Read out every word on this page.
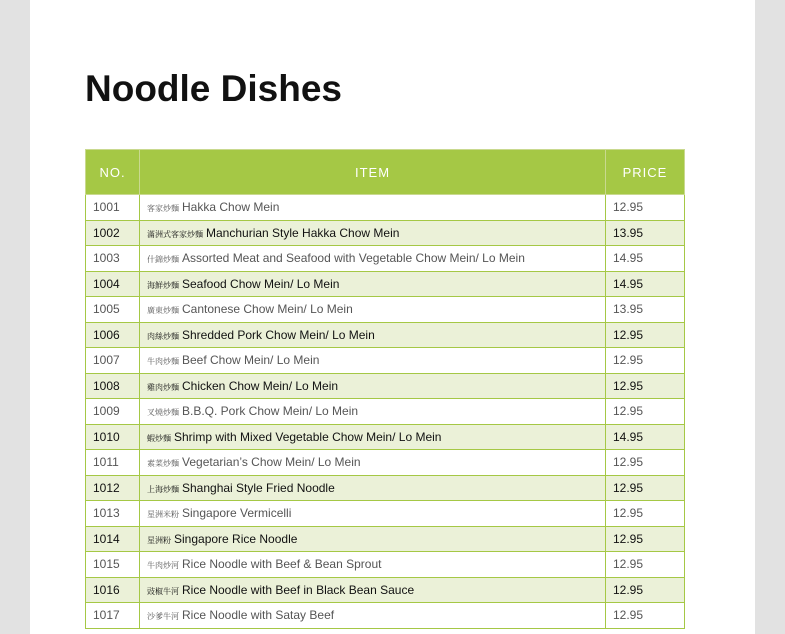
Noodle Dishes
NO.	ITEM	PRICE
1001	客家炒麵 Hakka Chow Mein	12.95
1002	滿洲式客家炒麵 Manchurian Style Hakka Chow Mein	13.95
1003	什錦炒麵 Assorted Meat and Seafood with Vegetable Chow Mein/ Lo Mein	14.95
1004	海鮮炒麵 Seafood Chow Mein/ Lo Mein	14.95
1005	廣東炒麵 Cantonese Chow Mein/ Lo Mein	13.95
1006	肉絲炒麵 Shredded Pork Chow Mein/ Lo Mein	12.95
1007	牛肉炒麵 Beef Chow Mein/ Lo Mein	12.95
1008	雞肉炒麵 Chicken Chow Mein/ Lo Mein	12.95
1009	叉燒炒麵 B.B.Q. Pork Chow Mein/ Lo Mein	12.95
1010	蝦炒麵 Shrimp with Mixed Vegetable Chow Mein/ Lo Mein	14.95
1011	素菜炒麵 Vegetarian’s Chow Mein/ Lo Mein	12.95
1012	上海炒麵 Shanghai Style Fried Noodle	12.95
1013	星洲米粉 Singapore Vermicelli	12.95
1014	星洲粉 Singapore Rice Noodle	12.95
1015	牛肉炒河 Rice Noodle with Beef & Bean Sprout	12.95
1016	豉椒牛河 Rice Noodle with Beef in Black Bean Sauce	12.95
1017	沙爹牛河 Rice Noodle with Satay Beef	12.95
